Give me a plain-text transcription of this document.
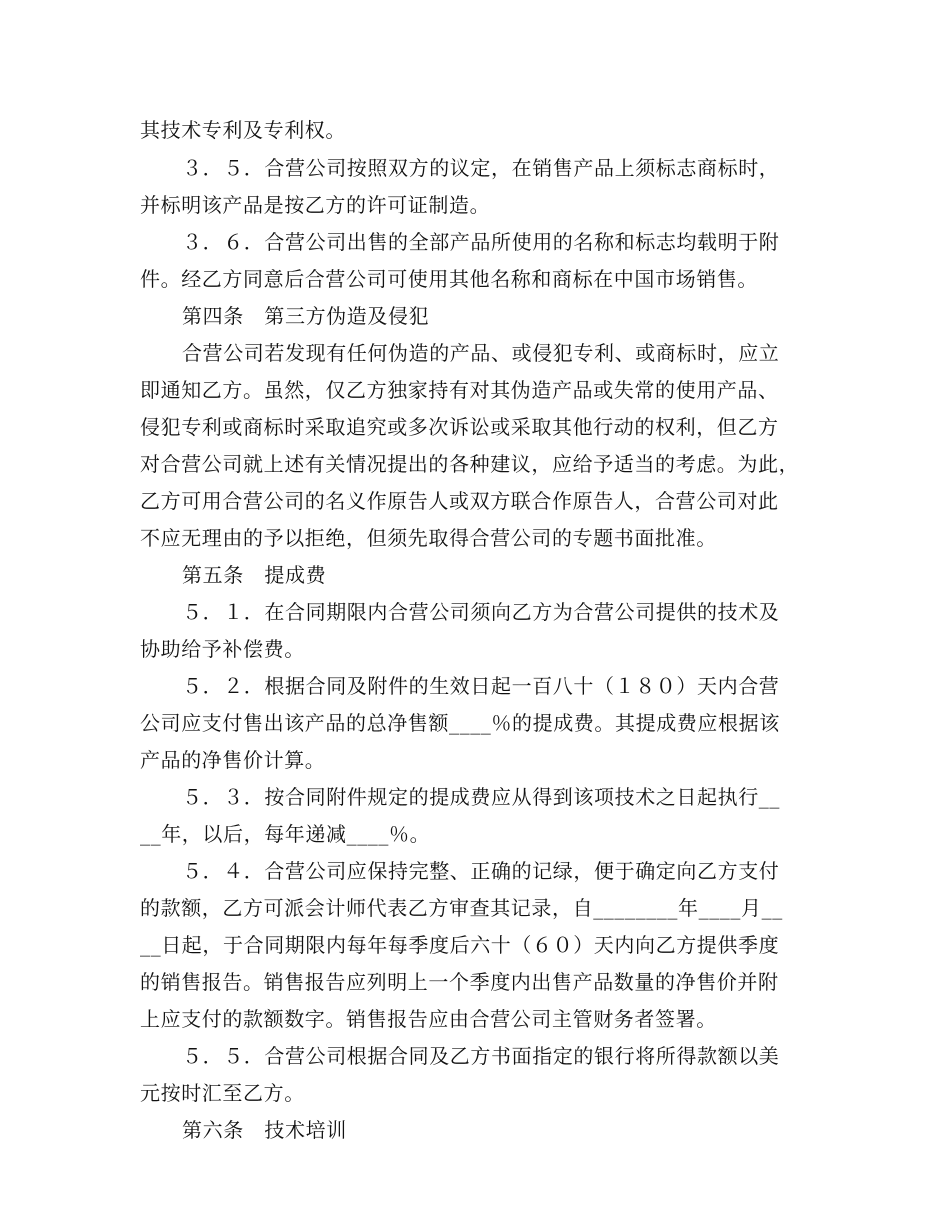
其技术专利及专利权。
３．５．合营公司按照双方的议定，在销售产品上须标志商标时，
并标明该产品是按乙方的许可证制造。
３．６．合营公司出售的全部产品所使用的名称和标志均载明于附
件。经乙方同意后合营公司可使用其他名称和商标在中国市场销售。
第四条　第三方伪造及侵犯
合营公司若发现有任何伪造的产品、或侵犯专利、或商标时，应立
即通知乙方。虽然，仅乙方独家持有对其伪造产品或失常的使用产品、
侵犯专利或商标时采取追究或多次诉讼或采取其他行动的权利，但乙方
对合营公司就上述有关情况提出的各种建议，应给予适当的考虑。为此，
乙方可用合营公司的名义作原告人或双方联合作原告人，合营公司对此
不应无理由的予以拒绝，但须先取得合营公司的专题书面批准。
第五条　提成费
５．１．在合同期限内合营公司须向乙方为合营公司提供的技术及
协助给予补偿费。
５．２．根据合同及附件的生效日起一百八十（１８０）天内合营
公司应支付售出该产品的总净售额____％的提成费。其提成费应根据该
产品的净售价计算。
５．３．按合同附件规定的提成费应从得到该项技术之日起执行__
__年，以后，每年递减____％。
５．４．合营公司应保持完整、正确的记绿，便于确定向乙方支付
的款额，乙方可派会计师代表乙方审查其记录，自________年____月__
__日起，于合同期限内每年每季度后六十（６０）天内向乙方提供季度
的销售报告。销售报告应列明上一个季度内出售产品数量的净售价并附
上应支付的款额数字。销售报告应由合营公司主管财务者签署。
５．５．合营公司根据合同及乙方书面指定的银行将所得款额以美
元按时汇至乙方。
第六条　技术培训
